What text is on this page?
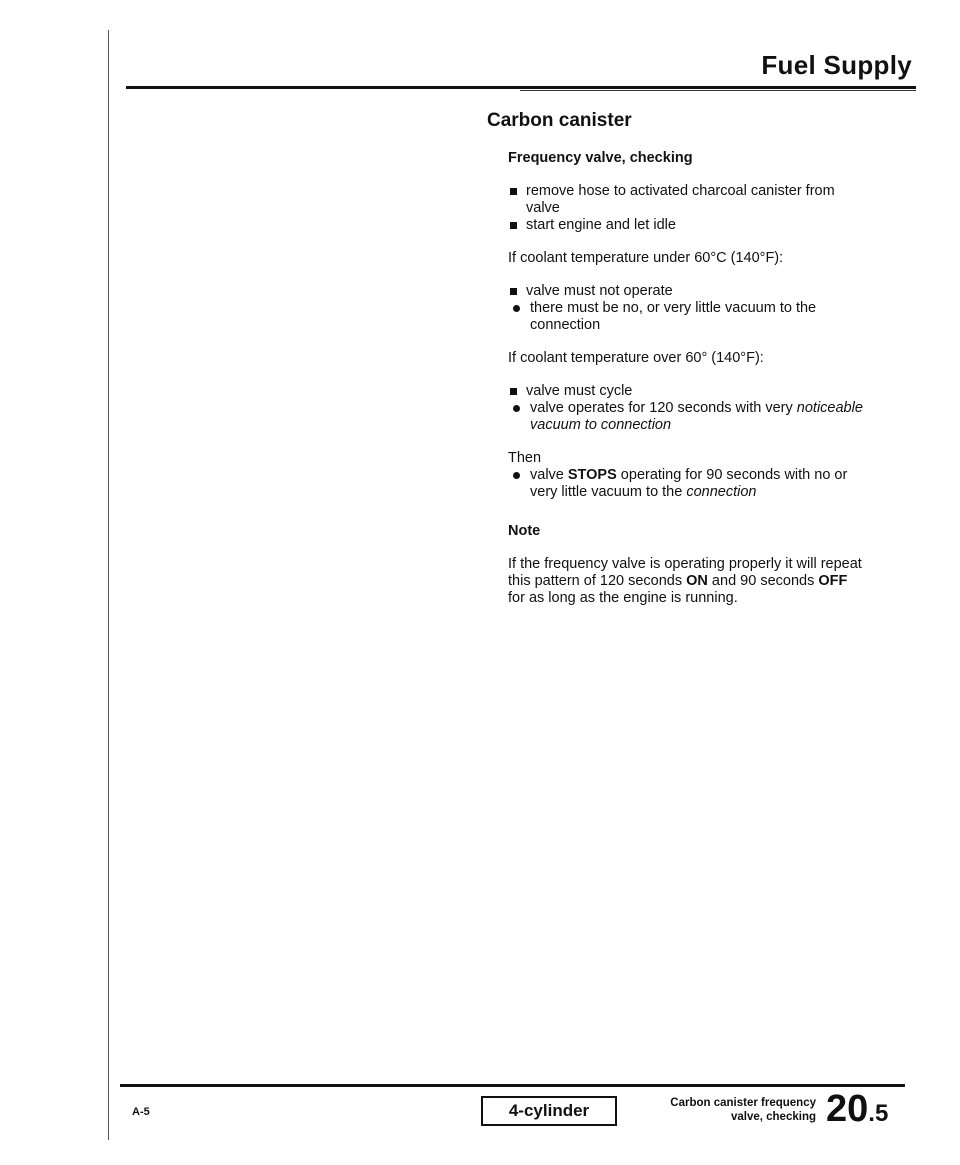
Fuel Supply
Carbon canister

Frequency valve, checking

remove hose to activated charcoal canister from valve

start engine and let idle

If coolant temperature under 60°C (140°F):

valve must not operate

there must be no, or very little vacuum to the connection

If coolant temperature over 60° (140°F):

valve must cycle

valve operates for 120 seconds with very noticeable vacuum to connection

Then

valve STOPS operating for 90 seconds with no or very little vacuum to the connection

Note

If the frequency valve is operating properly it will repeat this pattern of 120 seconds ON and 90 seconds OFF for as long as the engine is running.

A-5	4-cylinder	Carbon canister frequency
valve, checking 20.5
